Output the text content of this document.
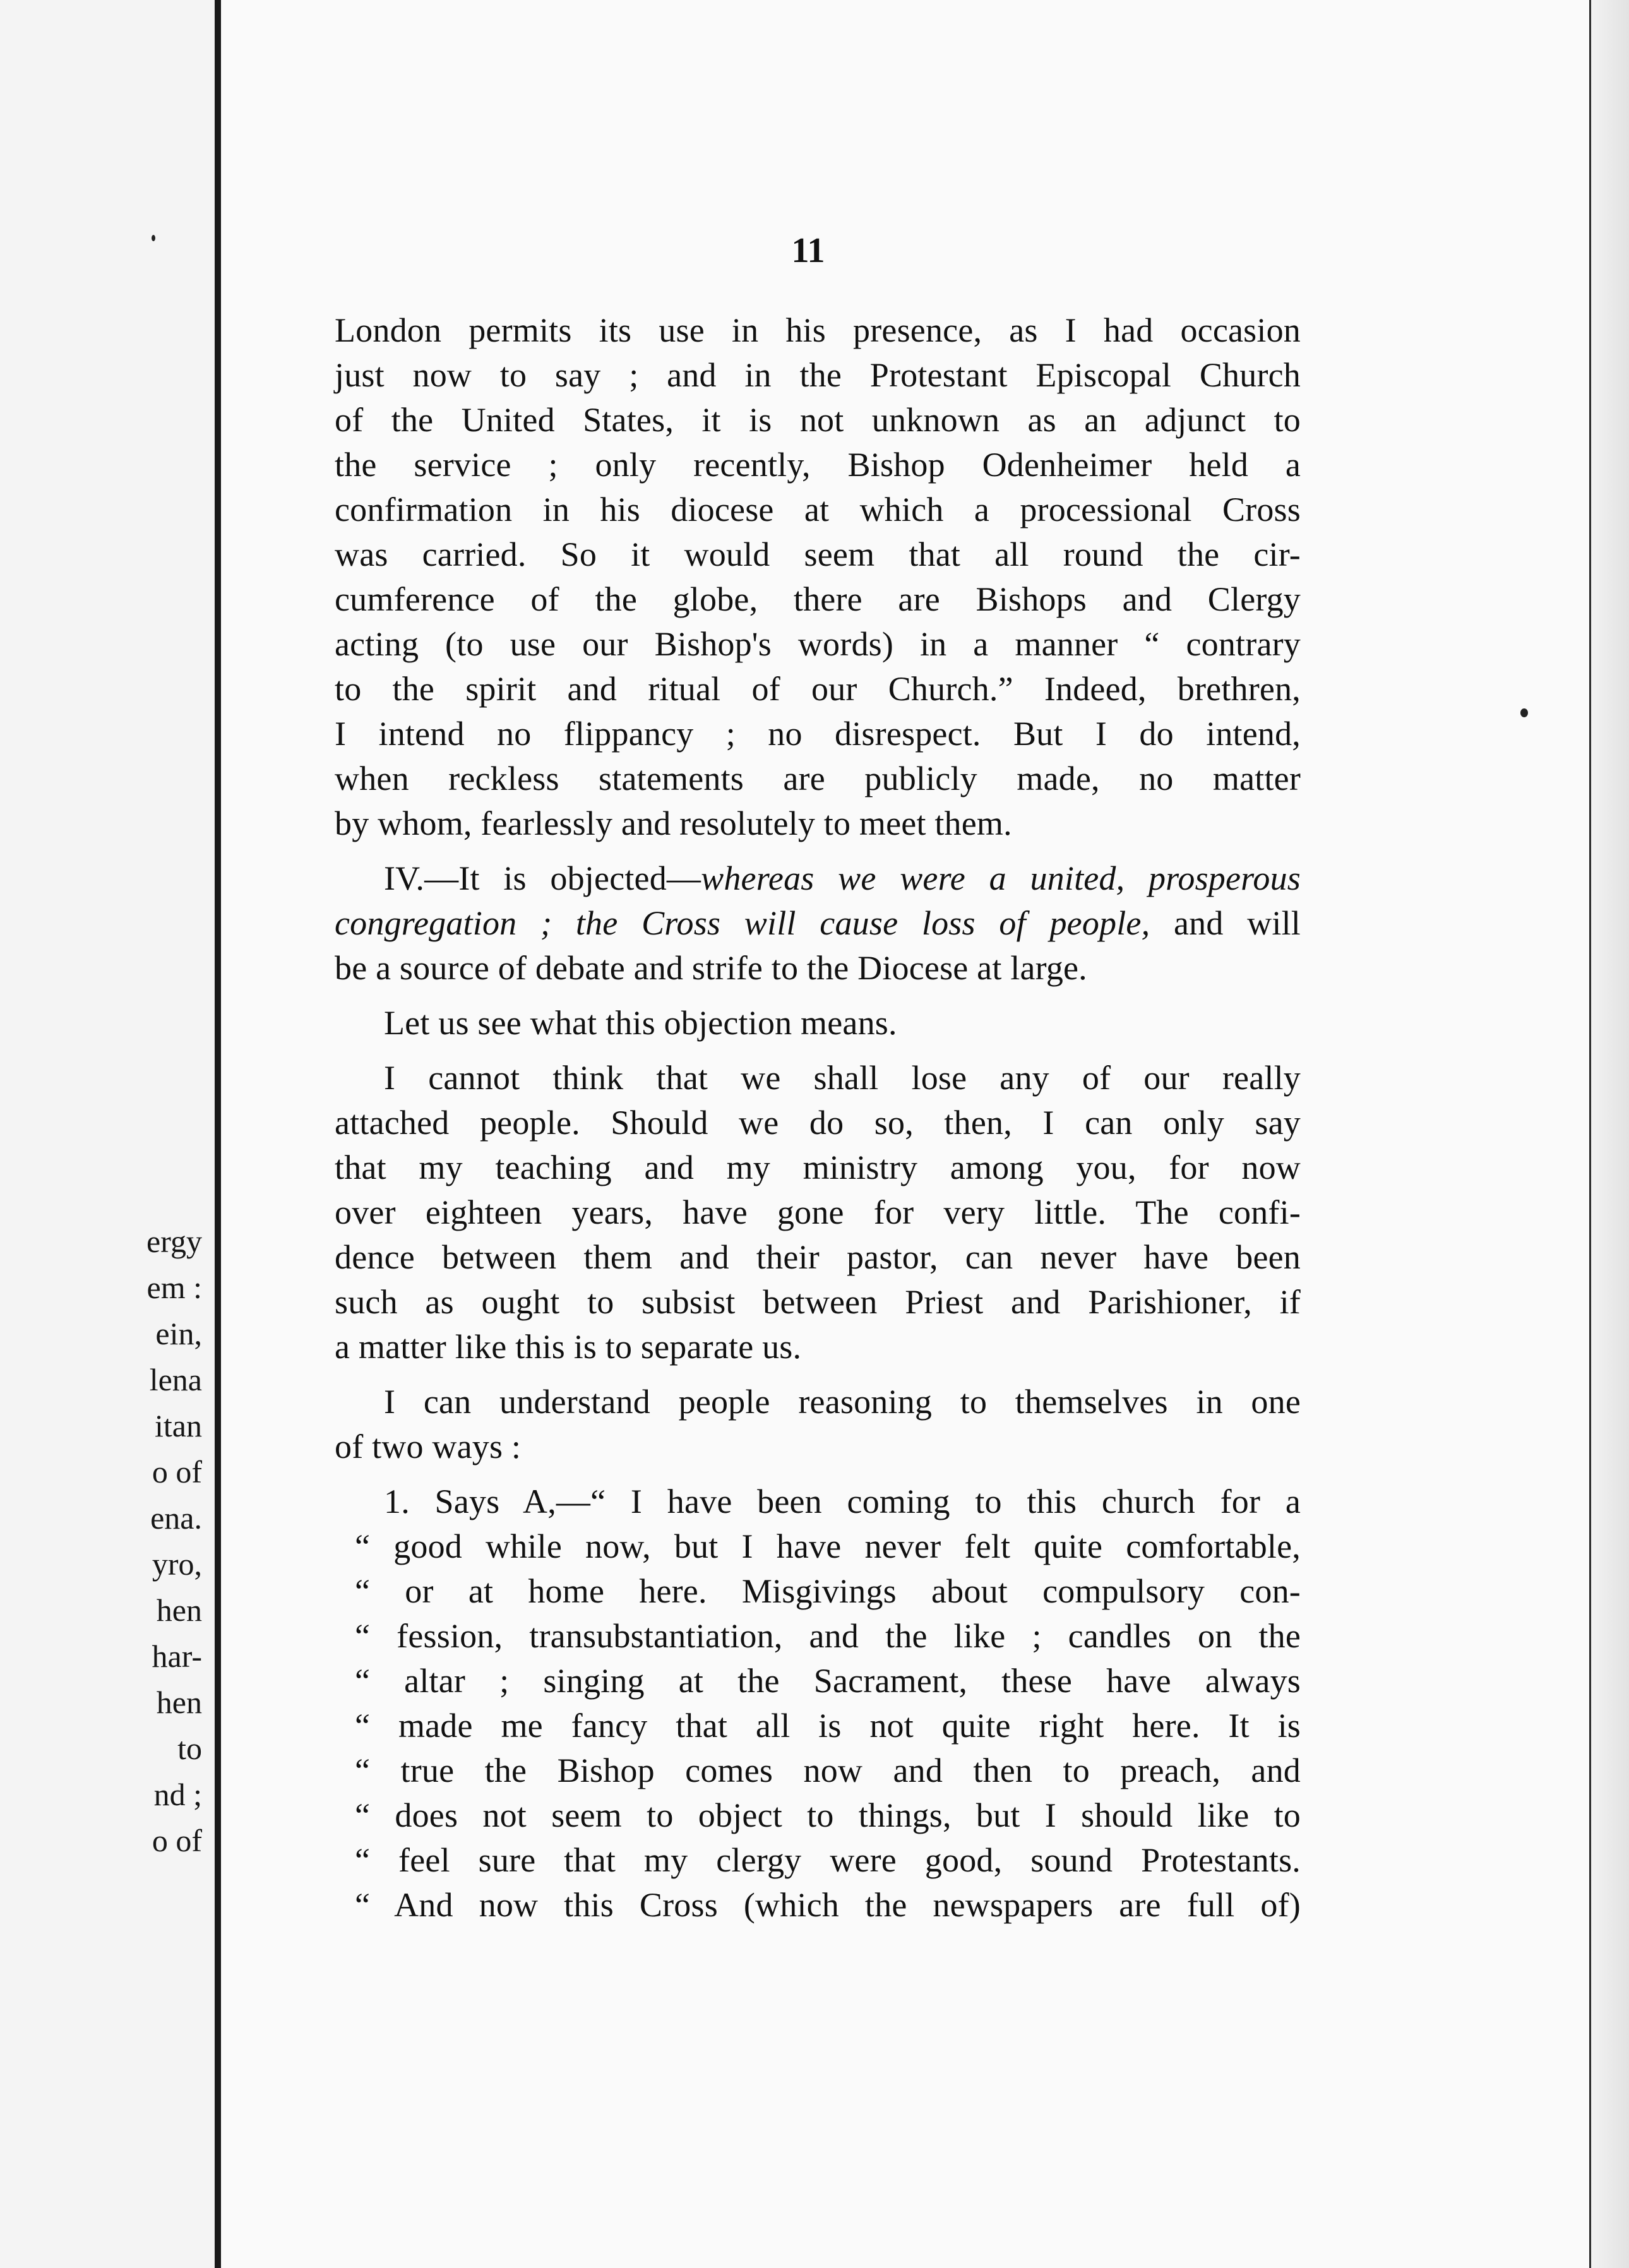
ergy
em :
ein,
lena
itan
o of
ena.
yro,
hen
har-
hen
to
nd ;
o of
11

London permits its use in his presence, as I had occasion
just now to say ; and in the Protestant Episcopal Church
of the United States, it is not unknown as an adjunct to
the service ; only recently, Bishop Odenheimer held a
confirmation in his diocese at which a processional Cross
was carried. So it would seem that all round the cir-
cumference of the globe, there are Bishops and Clergy
acting (to use our Bishop's words) in a manner “ contrary
to the spirit and ritual of our Church.” Indeed, brethren,
I intend no flippancy ; no disrespect. But I do intend,
when reckless statements are publicly made, no matter
by whom, fearlessly and resolutely to meet them.

IV.—It is objected—whereas we were a united, prosperous
congregation ; the Cross will cause loss of people, and will
be a source of debate and strife to the Diocese at large.

Let us see what this objection means.

I cannot think that we shall lose any of our really
attached people. Should we do so, then, I can only say
that my teaching and my ministry among you, for now
over eighteen years, have gone for very little. The confi-
dence between them and their pastor, can never have been
such as ought to subsist between Priest and Parishioner, if
a matter like this is to separate us.

I can understand people reasoning to themselves in one
of two ways :

1. Says A,—“ I have been coming to this church for a
“ good while now, but I have never felt quite comfortable,
“ or at home here. Misgivings about compulsory con-
“ fession, transubstantiation, and the like ; candles on the
“ altar ; singing at the Sacrament, these have always
“ made me fancy that all is not quite right here. It is
“ true the Bishop comes now and then to preach, and
“ does not seem to object to things, but I should like to
“ feel sure that my clergy were good, sound Protestants.
“ And now this Cross (which the newspapers are full of)
